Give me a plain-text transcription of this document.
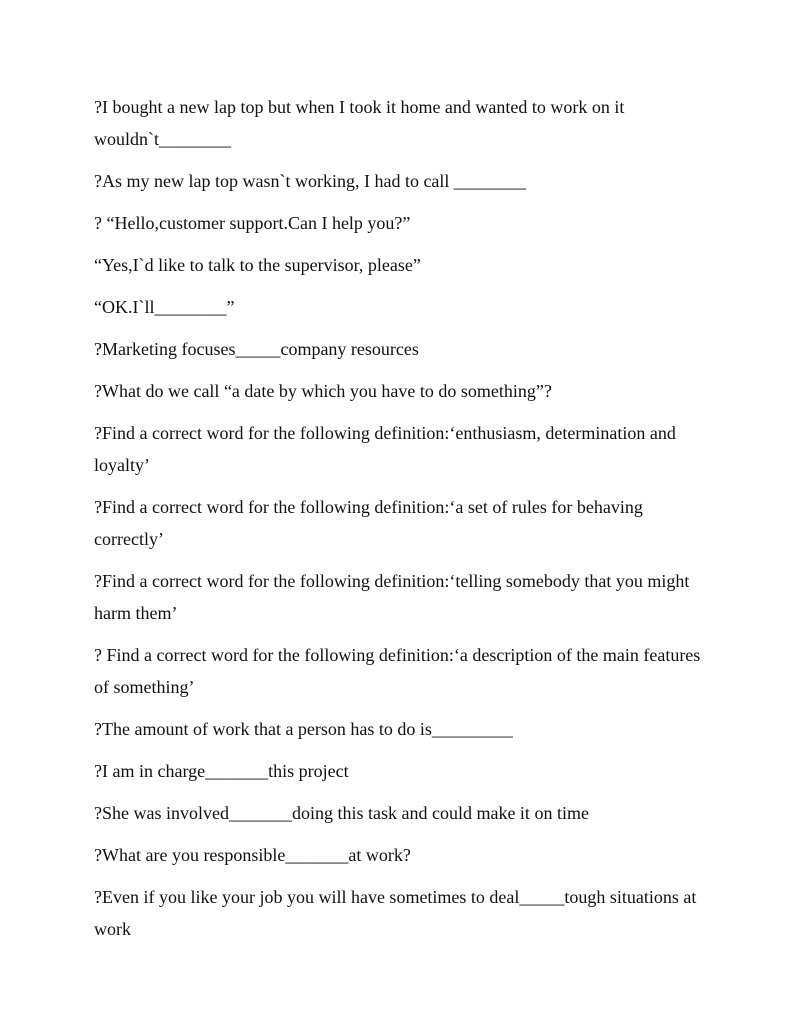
?I bought a new lap top but when I took it home and wanted to work on it wouldn`t________

?As my new lap top wasn`t working, I had to call ________

? “Hello,customer support.Can I help you?”

“Yes,I`d like to talk to the supervisor, please”

“OK.I`ll________”

?Marketing focuses_____company resources

?What do we call “a date by which you have to do something”?

?Find a correct word for the following definition:‘enthusiasm, determination and loyalty’

?Find a correct word for the following definition:‘a set of rules for behaving correctly’

?Find a correct word for the following definition:‘telling somebody that you might harm them’

? Find a correct word for the following definition:‘a description of the main features of something’

?The amount of work that a person has to do is_________

?I am in charge_______this project

?She was involved_______doing this task and could make it on time

?What are you responsible_______at work?

?Even if you like your job you will have sometimes to deal_____tough situations at work
